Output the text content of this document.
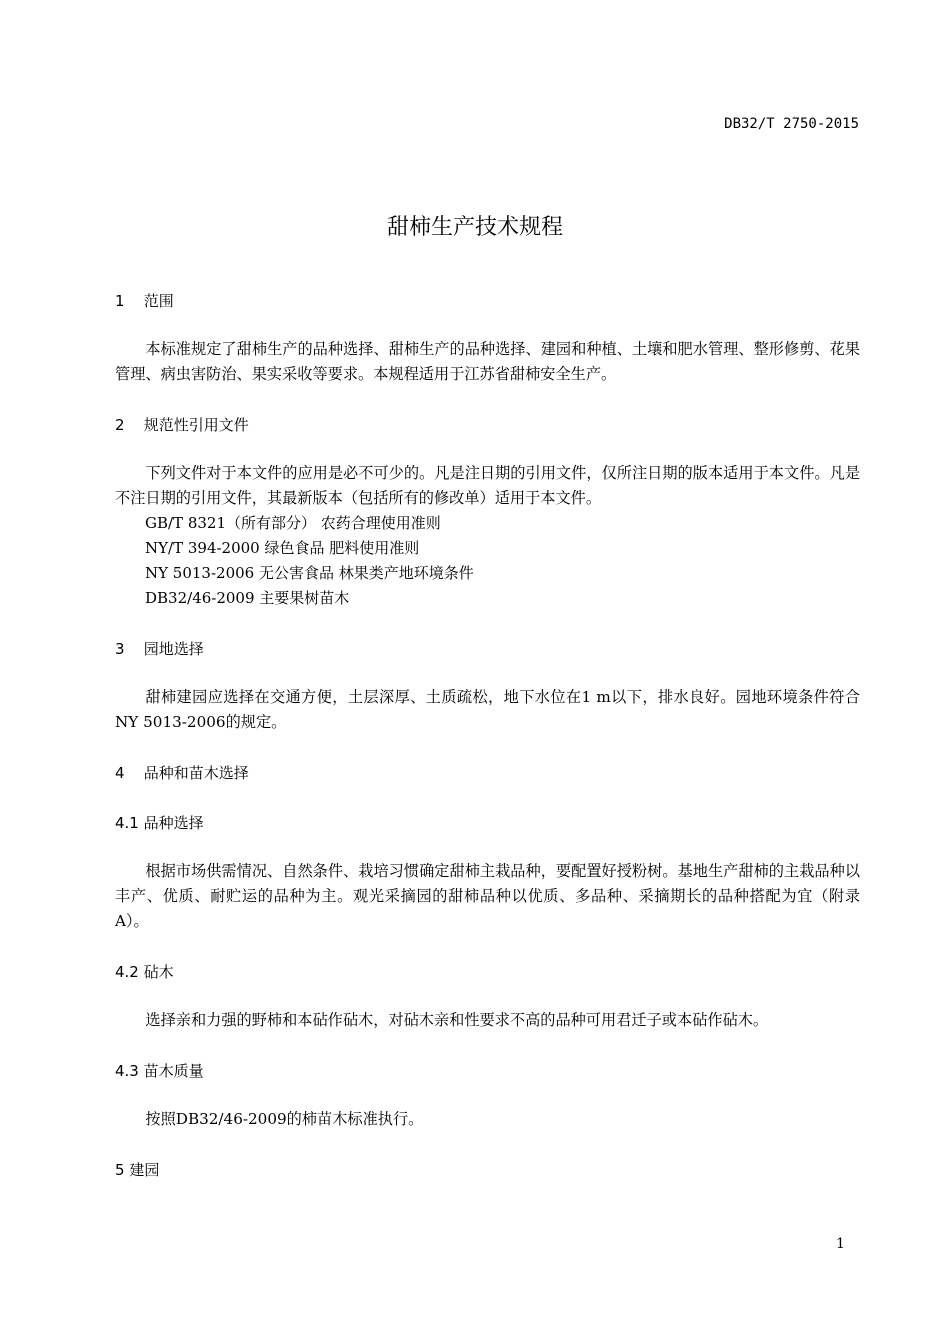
DB32/T 2750-2015
甜柿生产技术规程
1 范围
本标准规定了甜柿生产的品种选择、甜柿生产的品种选择、建园和种植、土壤和肥水管理、整形修剪、花果管理、病虫害防治、果实采收等要求。本规程适用于江苏省甜柿安全生产。
2 规范性引用文件
下列文件对于本文件的应用是必不可少的。凡是注日期的引用文件，仅所注日期的版本适用于本文件。凡是不注日期的引用文件，其最新版本（包括所有的修改单）适用于本文件。
GB/T 8321（所有部分） 农药合理使用准则
NY/T 394-2000 绿色食品 肥料使用准则
NY 5013-2006 无公害食品 林果类产地环境条件
DB32/46-2009 主要果树苗木
3 园地选择
甜柿建园应选择在交通方便，土层深厚、土质疏松，地下水位在1 m以下，排水良好。园地环境条件符合NY 5013-2006的规定。
4 品种和苗木选择
4.1 品种选择
根据市场供需情况、自然条件、栽培习惯确定甜柿主栽品种，要配置好授粉树。基地生产甜柿的主栽品种以丰产、优质、耐贮运的品种为主。观光采摘园的甜柿品种以优质、多品种、采摘期长的品种搭配为宜（附录A）。
4.2 砧木
选择亲和力强的野柿和本砧作砧木，对砧木亲和性要求不高的品种可用君迁子或本砧作砧木。
4.3 苗木质量
按照DB32/46-2009的柿苗木标准执行。
5 建园
1
